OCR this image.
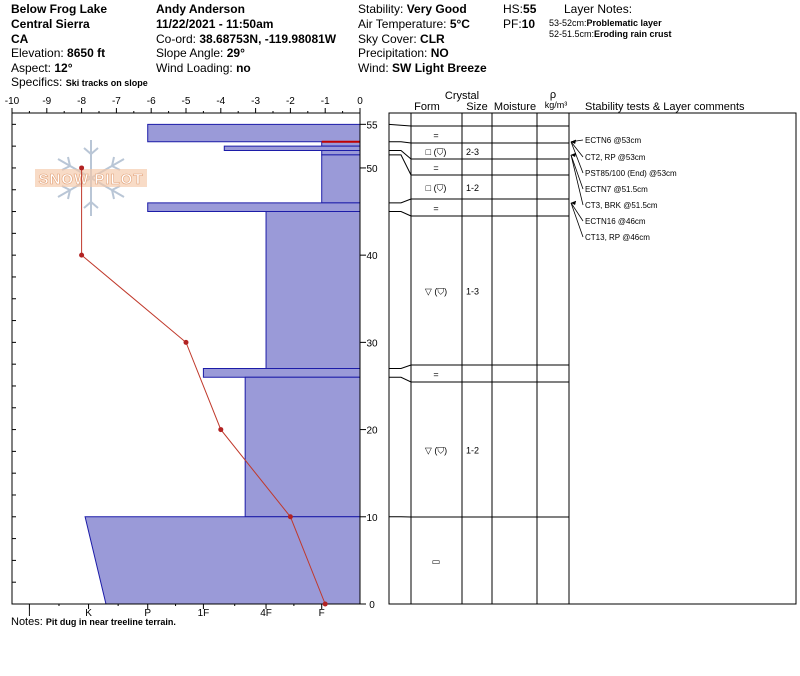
Below Frog Lake
Central Sierra
CA
Elevation: 8650 ft
Aspect: 12°
Specifics: Ski tracks on slope
Andy Anderson
11/22/2021 - 11:50am
Co-ord: 38.68753N, -119.98081W
Slope Angle: 29°
Wind Loading: no
Stability: Very Good
Air Temperature: 5°C
Sky Cover: CLR
Precipitation: NO
Wind: SW Light Breeze
HS:55
PF:10
Layer Notes:
53-52cm:Problematic layer
52-51.5cm:Eroding rain crust
SNOW PILOT
-10 -9	-8	-7	-6	-5	-4	-3	-2	-1	0
I	K	P	1F	4F	F
0
10
20
30
40
50
55
=
□ (⛉) 2-3
=
□ (⛉) 1-2
=
▽ (⛉) 1-3
=
▽ (⛉) 1-2
▭
ECTN6 @53cm
CT2, RP @53cm
PST85/100 (End) @53cm
ECTN7 @51.5cm
CT3, BRK @51.5cm
ECTN16 @46cm
CT13, RP @46cm
Crystal
Form Size Moisture
ρ
kg/m³ Stability tests & Layer comments
Notes: Pit dug in near treeline terrain.
